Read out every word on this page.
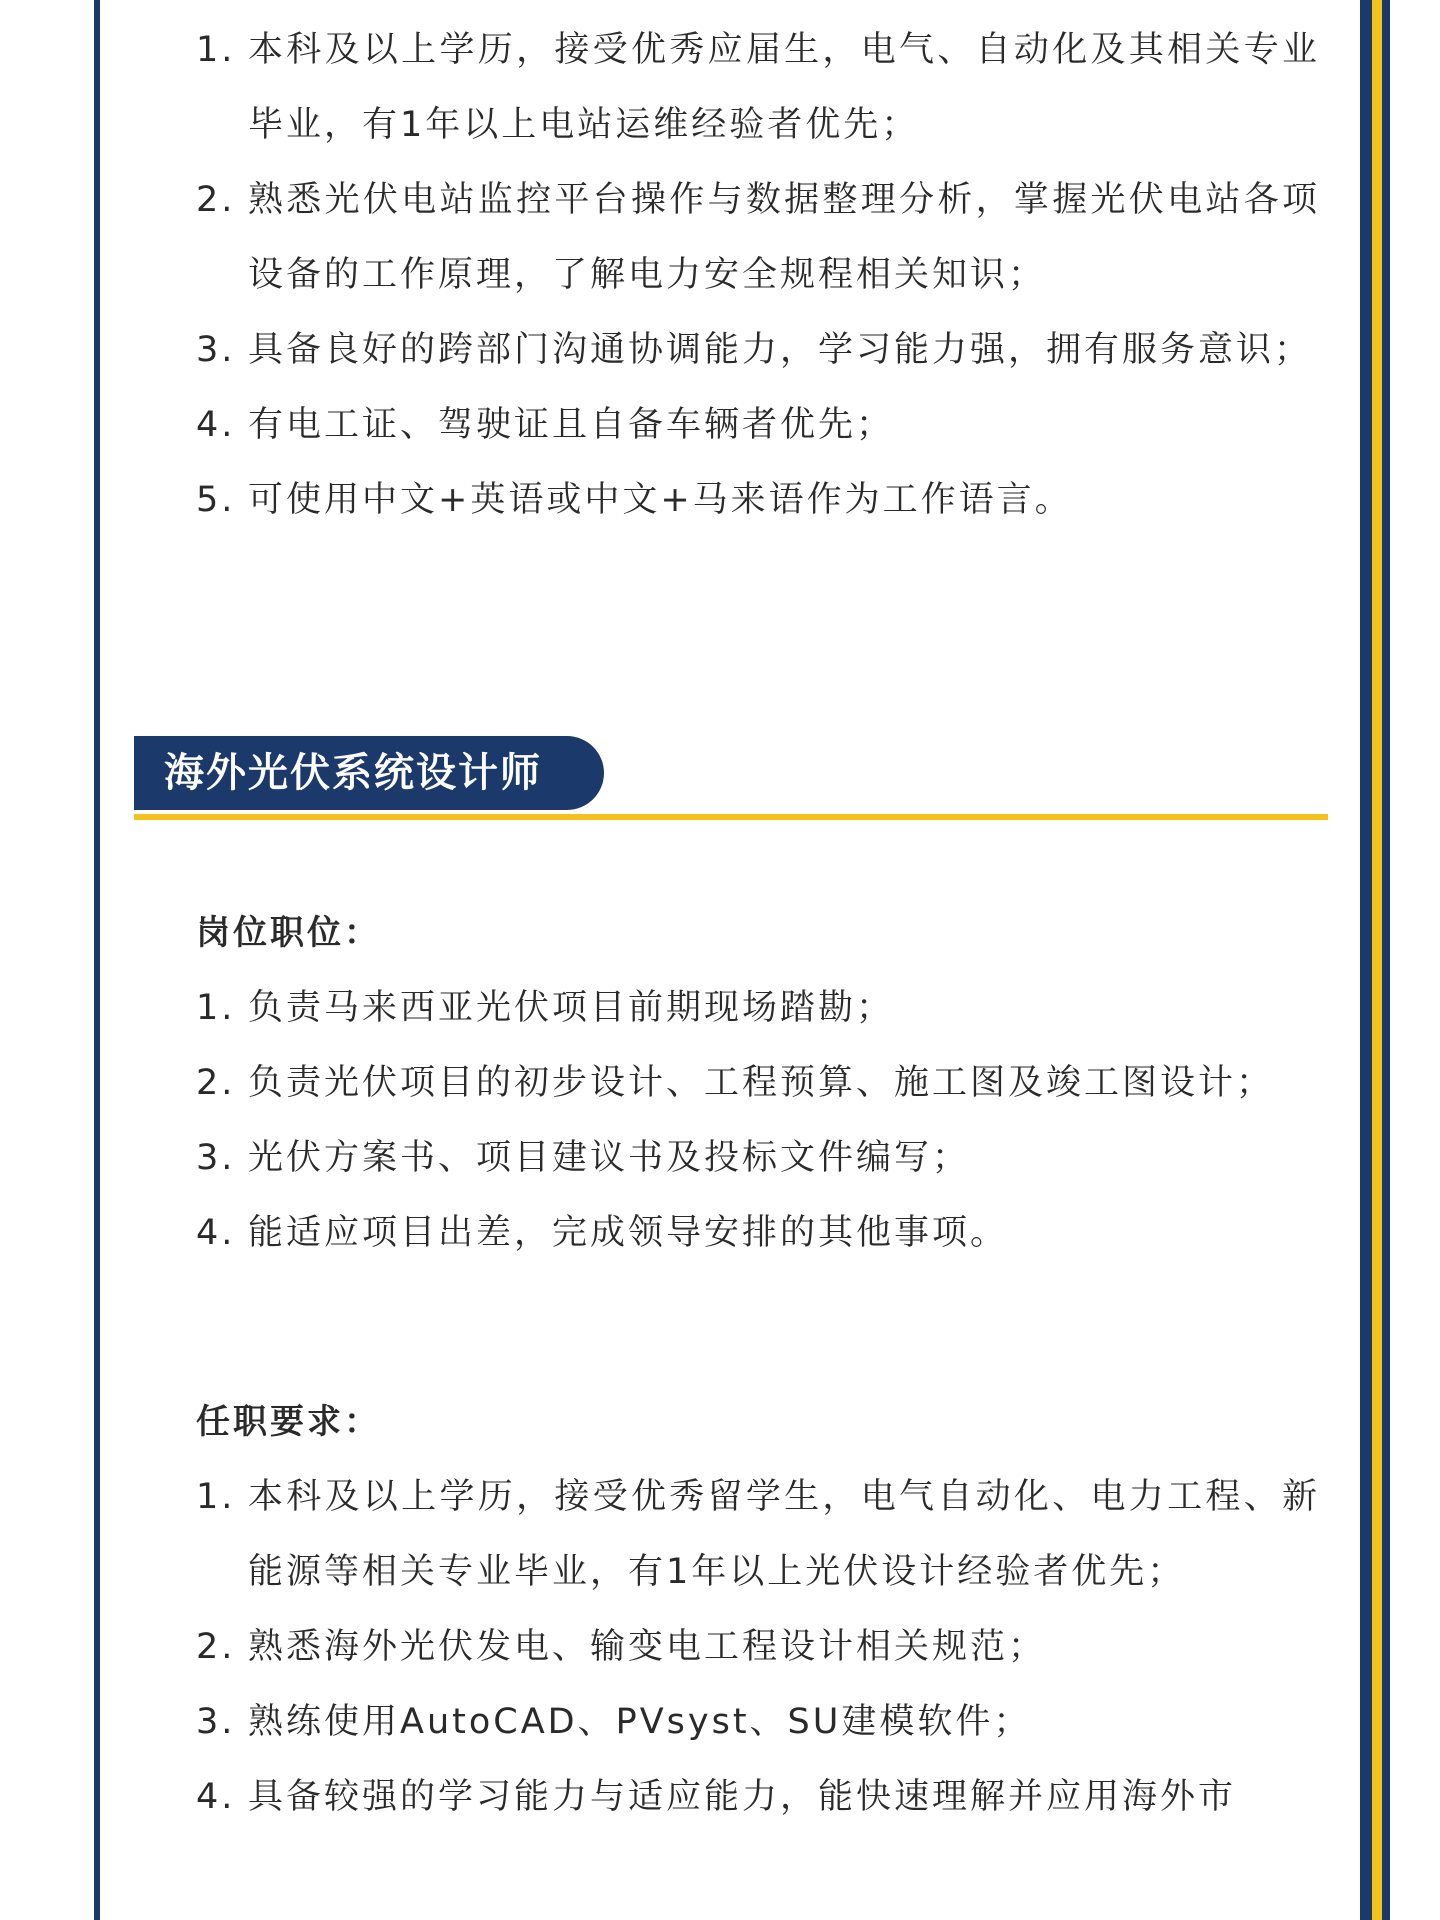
1. 本科及以上学历，接受优秀应届生，电气、自动化及其相关专业毕业，有1年以上电站运维经验者优先；
2. 熟悉光伏电站监控平台操作与数据整理分析，掌握光伏电站各项设备的工作原理，了解电力安全规程相关知识；
3. 具备良好的跨部门沟通协调能力，学习能力强，拥有服务意识；
4. 有电工证、驾驶证且自备车辆者优先；
5. 可使用中文+英语或中文+马来语作为工作语言。
海外光伏系统设计师

岗位职位：

1. 负责马来西亚光伏项目前期现场踏勘；
2. 负责光伏项目的初步设计、工程预算、施工图及竣工图设计；
3. 光伏方案书、项目建议书及投标文件编写；
4. 能适应项目出差，完成领导安排的其他事项。

任职要求：

1. 本科及以上学历，接受优秀留学生，电气自动化、电力工程、新能源等相关专业毕业，有1年以上光伏设计经验者优先；
2. 熟悉海外光伏发电、输变电工程设计相关规范；
3. 熟练使用AutoCAD、PVsyst、SU建模软件；
4. 具备较强的学习能力与适应能力，能快速理解并应用海外市
